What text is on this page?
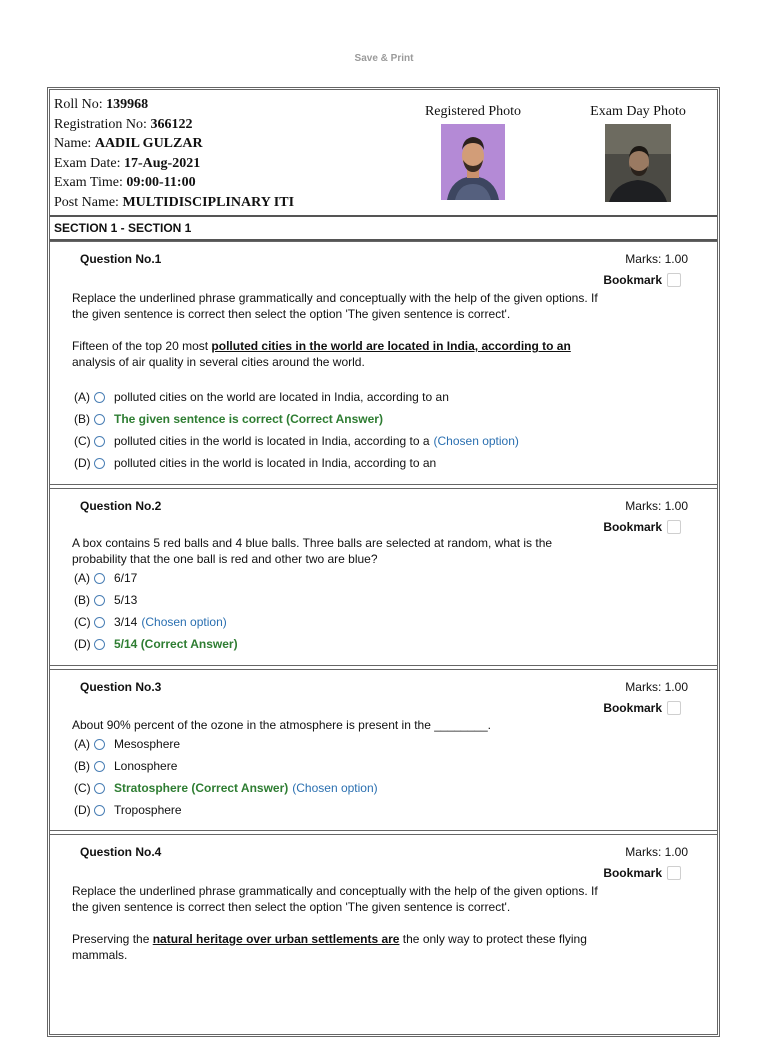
Save & Print
Roll No: 139968
Registration No: 366122
Name: AADIL GULZAR
Exam Date: 17-Aug-2021
Exam Time: 09:00-11:00
Post Name: MULTIDISCIPLINARY ITI
Registered Photo	Exam Day Photo
SECTION 1 - SECTION 1
Question No.1	Marks: 1.00
Bookmark

Replace the underlined phrase grammatically and conceptually with the help of the given options. If the given sentence is correct then select the option 'The given sentence is correct'.

Fifteen of the top 20 most polluted cities in the world are located in India, according to an analysis of air quality in several cities around the world.

(A)	polluted cities on the world are located in India, according to an
(B)	The given sentence is correct (Correct Answer)
(C) polluted cities in the world is located in India, according to a (Chosen option)
(D) polluted cities in the world is located in India, according to an
Question No.2	Marks: 1.00
Bookmark

A box contains 5 red balls and 4 blue balls. Three balls are selected at random, what is the probability that the one ball is red and other two are blue?

(A)	6/17
(B)	5/13
(C) 3/14 (Chosen option)
(D) 5/14 (Correct Answer)
Question No.3	Marks: 1.00
Bookmark

About 90% percent of the ozone in the atmosphere is present in the ________.

(A)	Mesosphere
(B)	Lonosphere
(C) Stratosphere (Correct Answer) (Chosen option)
(D) Troposphere
Question No.4	Marks: 1.00
Bookmark

Replace the underlined phrase grammatically and conceptually with the help of the given options. If the given sentence is correct then select the option 'The given sentence is correct'.

Preserving the natural heritage over urban settlements are the only way to protect these flying mammals.
